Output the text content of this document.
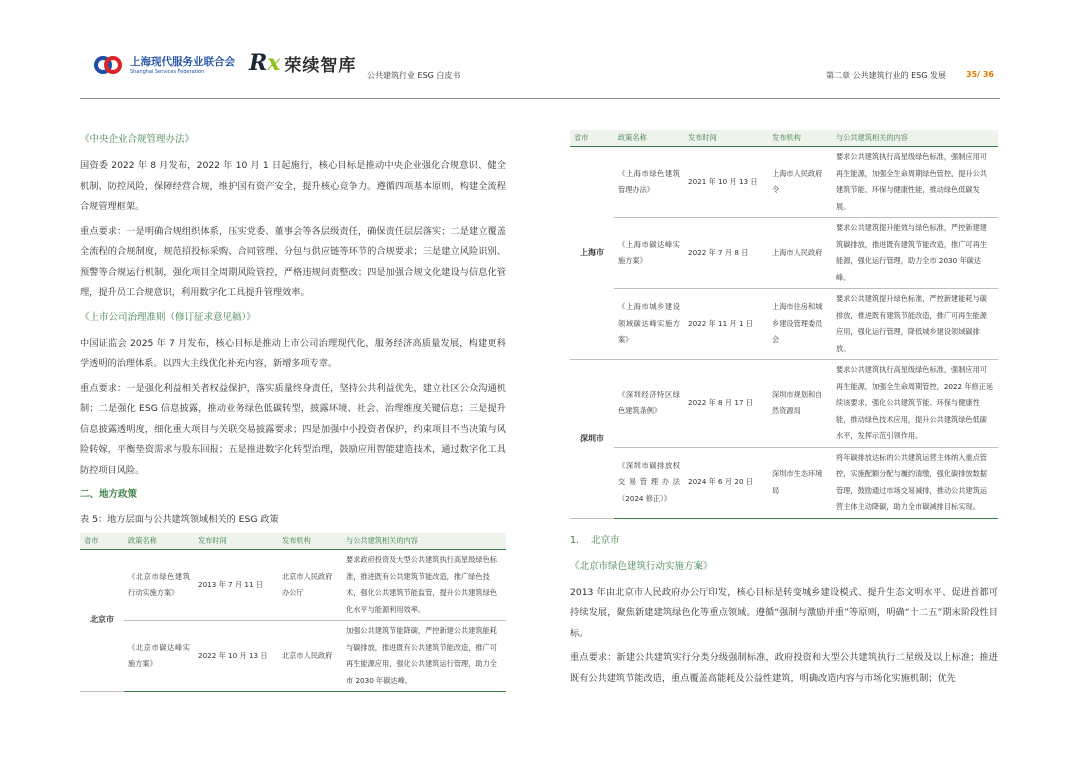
上海现代服务业联合会
Shanghai Services Federation	Rx 荣续智库 公共建筑行业 ESG 白皮书	第二章 公共建筑行业的 ESG 发展	35/ 36
《中央企业合规管理办法》

国资委 2022 年 8 月发布，2022 年 10 月 1 日起施行，核心目标是推动中央企业强化合规意识、健全机制、防控风险，保障经营合规，维护国有资产安全，提升核心竞争力。遵循四项基本原则，构建全流程合规管理框架。

重点要求：一是明确合规组织体系，压实党委、董事会等各层级责任，确保责任层层落实；二是建立覆盖全流程的合规制度，规范招投标采购、合同管理、分包与供应链等环节的合规要求；三是建立风险识别、预警等合规运行机制，强化项目全周期风险管控，严格违规问责整改；四是加强合规文化建设与信息化管理，提升员工合规意识，利用数字化工具提升管理效率。

《上市公司治理准则（修订征求意见稿）》

中国证监会 2025 年 7 月发布，核心目标是推动上市公司治理现代化，服务经济高质量发展，构建更科学透明的治理体系。以四大主线优化补充内容，新增多项专章。

重点要求：一是强化利益相关者权益保护，落实质量终身责任，坚持公共利益优先，建立社区公众沟通机制；二是强化 ESG 信息披露，推动业务绿色低碳转型，披露环境、社会、治理维度关键信息；三是提升信息披露透明度，细化重大项目与关联交易披露要求；四是加强中小投资者保护，约束项目不当决策与风险转嫁，平衡垫资需求与股东回报；五是推进数字化转型治理，鼓励应用智能建造技术，通过数字化工具防控项目风险。

二、地方政策
表 5：地方层面与公共建筑领域相关的 ESG 政策
省市	政策名称	发布时间	发布机构	与公共建筑相关的内容
北京市	《北京市绿色建筑行动实施方案》	2013 年 7 月 11 日	北京市人民政府办公厅	要求政府投资及大型公共建筑执行高星级绿色标准，推进既有公共建筑节能改造，推广绿色技术，强化公共建筑节能监管，提升公共建筑绿色化水平与能源利用效率。
	《北京市碳达峰实施方案》	2022 年 10 月 13 日	北京市人民政府	加强公共建筑节能降碳，严控新建公共建筑能耗与碳排放，推进既有公共建筑节能改造，推广可再生能源应用，强化公共建筑运行管理，助力全市 2030 年碳达峰。
省市	政策名称	发布时间	发布机构	与公共建筑相关的内容
上海市	《上海市绿色建筑管理办法》	2021 年 10 月 13 日	上海市人民政府令	要求公共建筑执行高星级绿色标准，强制应用可再生能源，加强全生命周期绿色管控，提升公共建筑节能、环保与健康性能，推动绿色低碳发展。
	《上海市碳达峰实施方案》	2022 年 7 月 8 日	上海市人民政府	要求公共建筑提升能效与绿色标准，严控新建建筑碳排放，推进既有建筑节能改造，推广可再生能源，强化运行管理，助力全市 2030 年碳达峰。
	《上海市城乡建设领域碳达峰实施方案》	2022 年 11 月 1 日	上海市住房和城乡建设管理委员会	要求公共建筑提升绿色标准，严控新建能耗与碳排放，推进既有建筑节能改造，推广可再生能源应用，强化运行管理，降低城乡建设领域碳排放。
深圳市	《深圳经济特区绿色建筑条例》	2022 年 8 月 17 日	深圳市规划和自然资源局	要求公共建筑执行高星级绿色标准，强制应用可再生能源，加强全生命周期管控，2022 年修正延续该要求，强化公共建筑节能、环保与健康性能，推动绿色技术应用，提升公共建筑绿色低碳水平，发挥示范引领作用。
	《深圳市碳排放权交易管理办法（2024 修正）》	2024 年 6 月 20 日	深圳市生态环境局	将年碳排放达标的公共建筑运营主体纳入重点管控，实施配额分配与履约清缴，强化碳排放数据管理，鼓励通过市场交易减排，推动公共建筑运营主体主动降碳，助力全市碳减排目标实现。
1. 北京市
《北京市绿色建筑行动实施方案》

2013 年由北京市人民政府办公厅印发，核心目标是转变城乡建设模式、提升生态文明水平、促进首都可持续发展，聚焦新建建筑绿色化等重点领域。遵循“强制与激励并重”等原则，明确“十二五”期末阶段性目标。

重点要求：新建公共建筑实行分类分级强制标准，政府投资和大型公共建筑执行二星级及以上标准；推进既有公共建筑节能改造，重点覆盖高能耗及公益性建筑，明确改造内容与市场化实施机制；优先
